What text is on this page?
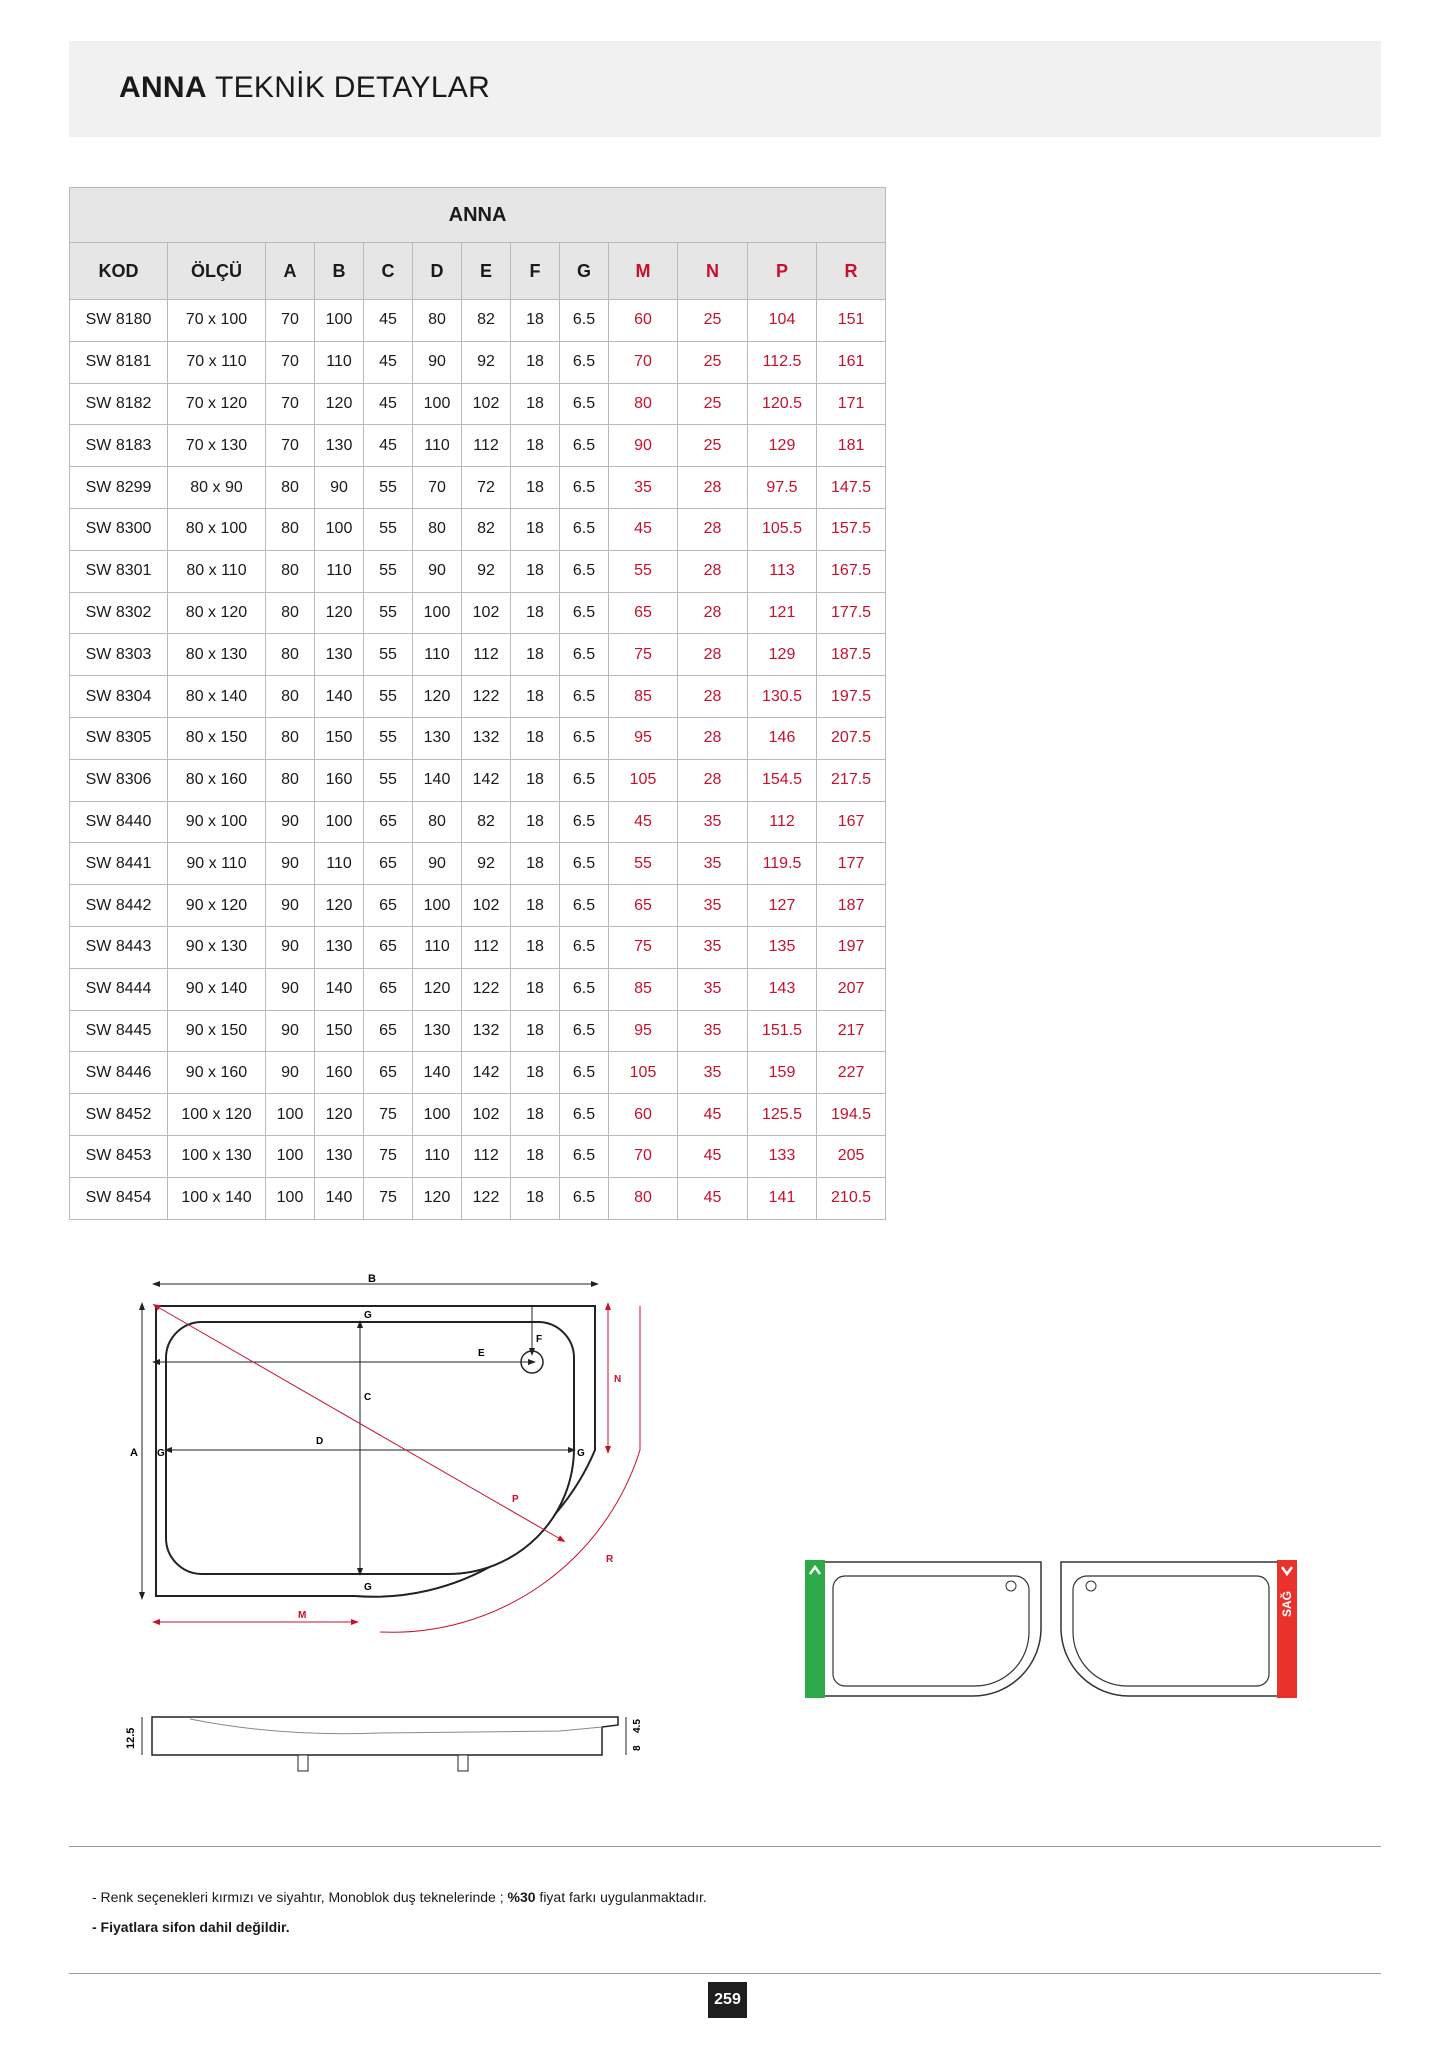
ANNA TEKNİK DETAYLAR
ANNA												
KOD	ÖLÇÜ	A	B	C	D	E	F	G	M	N	P	R
SW 8180	70 x 100	70	100	45	80	82	18	6.5	60	25	104	151
SW 8181	70 x 110	70	110	45	90	92	18	6.5	70	25	112.5	161
SW 8182	70 x 120	70	120	45	100	102	18	6.5	80	25	120.5	171
SW 8183	70 x 130	70	130	45	110	112	18	6.5	90	25	129	181
SW 8299	80 x 90	80	90	55	70	72	18	6.5	35	28	97.5	147.5
SW 8300	80 x 100	80	100	55	80	82	18	6.5	45	28	105.5	157.5
SW 8301	80 x 110	80	110	55	90	92	18	6.5	55	28	113	167.5
SW 8302	80 x 120	80	120	55	100	102	18	6.5	65	28	121	177.5
SW 8303	80 x 130	80	130	55	110	112	18	6.5	75	28	129	187.5
SW 8304	80 x 140	80	140	55	120	122	18	6.5	85	28	130.5	197.5
SW 8305	80 x 150	80	150	55	130	132	18	6.5	95	28	146	207.5
SW 8306	80 x 160	80	160	55	140	142	18	6.5	105	28	154.5	217.5
SW 8440	90 x 100	90	100	65	80	82	18	6.5	45	35	112	167
SW 8441	90 x 110	90	110	65	90	92	18	6.5	55	35	119.5	177
SW 8442	90 x 120	90	120	65	100	102	18	6.5	65	35	127	187
SW 8443	90 x 130	90	130	65	110	112	18	6.5	75	35	135	197
SW 8444	90 x 140	90	140	65	120	122	18	6.5	85	35	143	207
SW 8445	90 x 150	90	150	65	130	132	18	6.5	95	35	151.5	217
SW 8446	90 x 160	90	160	65	140	142	18	6.5	105	35	159	227
SW 8452	100 x 120	100	120	75	100	102	18	6.5	60	45	125.5	194.5
SW 8453	100 x 130	100	130	75	110	112	18	6.5	70	45	133	205
SW 8454	100 x 140	100	140	75	120	122	18	6.5	80	45	141	210.5
B
A
G
G
G	G
C
D
E
F
P
N
R
M
12.5
4.5
8
SAĞ
- Renk seçenekleri kırmızı ve siyahtır, Monoblok duş teknelerinde ; %30 fiyat farkı uygulanmaktadır.
- Fiyatlara sifon dahil değildir.
259
